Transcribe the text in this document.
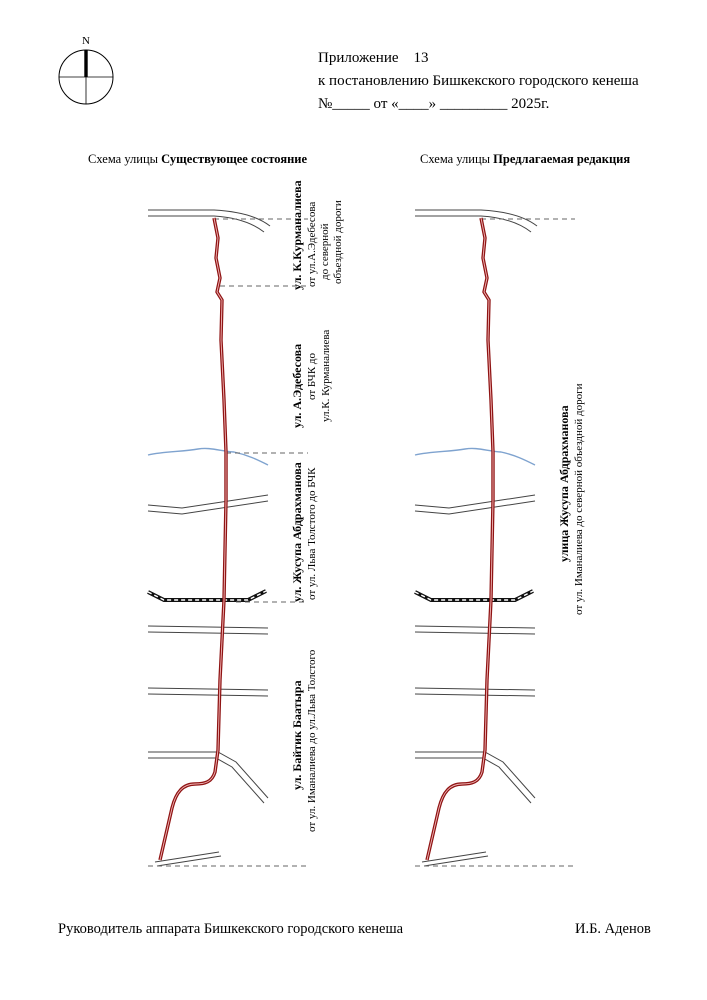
Приложение 13
к постановлению Бишкекского городского кенеша
№_____ от «____» _________ 2025г.
N
Схема улицы Существующее состояние	Схема улицы Предлагаемая редакция
ул. К.Курманалиева от ул.А.Эдебесова до северной объездной дороги
ул. А.Эдебесова от БЧК до ул.К. Курманалиева
ул. Жусупа Абдрахманова от ул. Льва Толстого до БЧК
ул. Байтик Баатыра от ул. Иманалиева до ул.Льва Толстого
улица Жусупа Абдрахманова от ул. Иманалиева до северной объездной дороги
Руководитель аппарата Бишкекского городского кенеша	И.Б. Аденов
